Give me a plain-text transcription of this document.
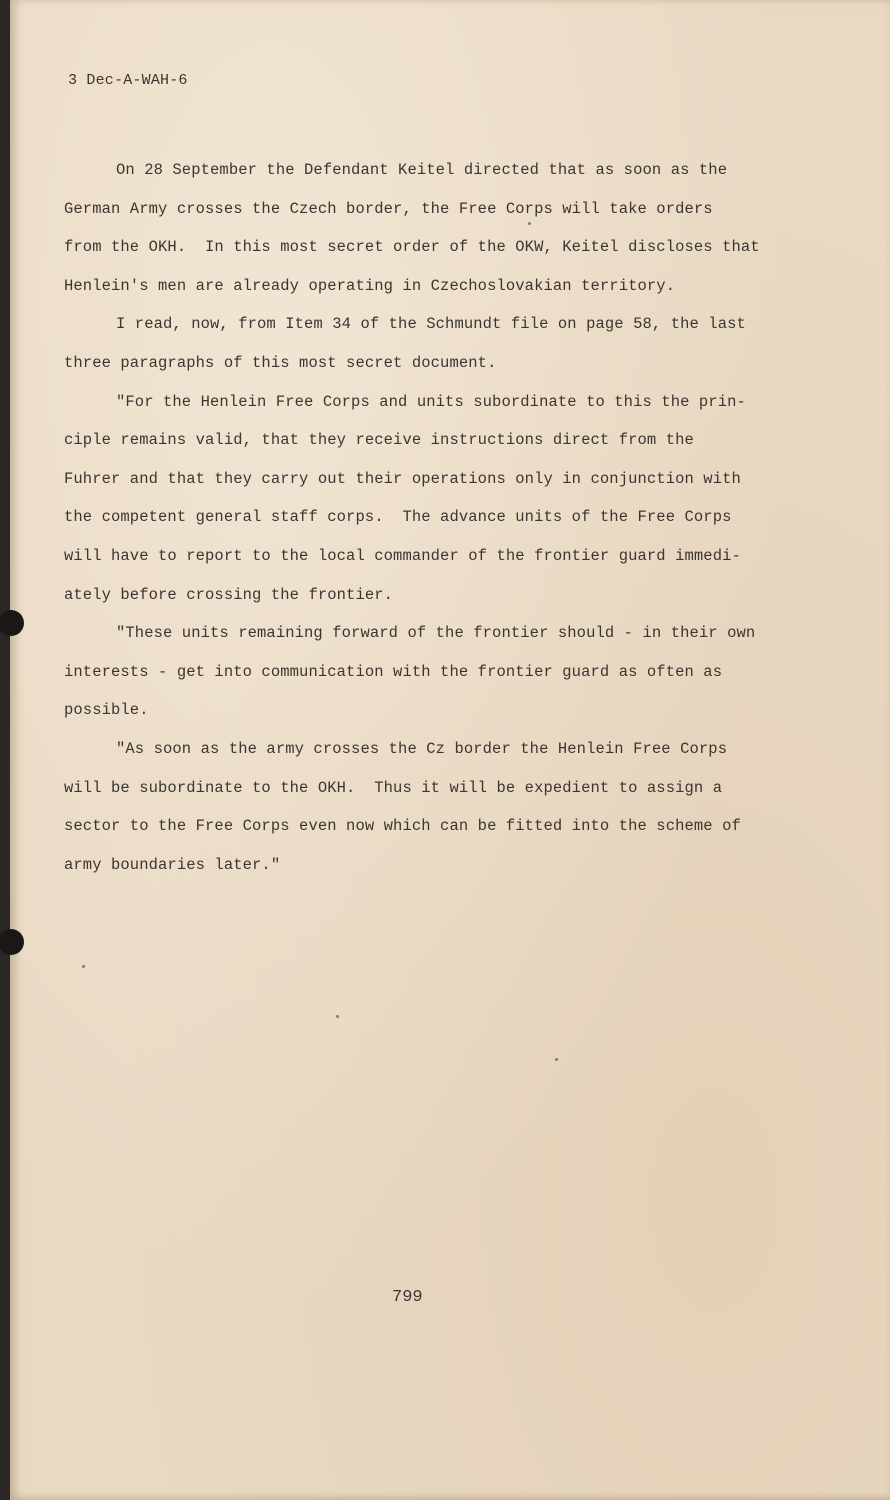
3 Dec-A-WAH-6
On 28 September the Defendant Keitel directed that as soon as the
German Army crosses the Czech border, the Free Corps will take orders
from the OKH.  In this most secret order of the OKW, Keitel discloses that
Henlein's men are already operating in Czechoslovakian territory.
I read, now, from Item 34 of the Schmundt file on page 58, the last
three paragraphs of this most secret document.
"For the Henlein Free Corps and units subordinate to this the prin-
ciple remains valid, that they receive instructions direct from the
Fuhrer and that they carry out their operations only in conjunction with
the competent general staff corps.  The advance units of the Free Corps
will have to report to the local commander of the frontier guard immedi-
ately before crossing the frontier.
"These units remaining forward of the frontier should - in their own
interests - get into communication with the frontier guard as often as
possible.
"As soon as the army crosses the Cz border the Henlein Free Corps
will be subordinate to the OKH.  Thus it will be expedient to assign a
sector to the Free Corps even now which can be fitted into the scheme of
army boundaries later."
799
